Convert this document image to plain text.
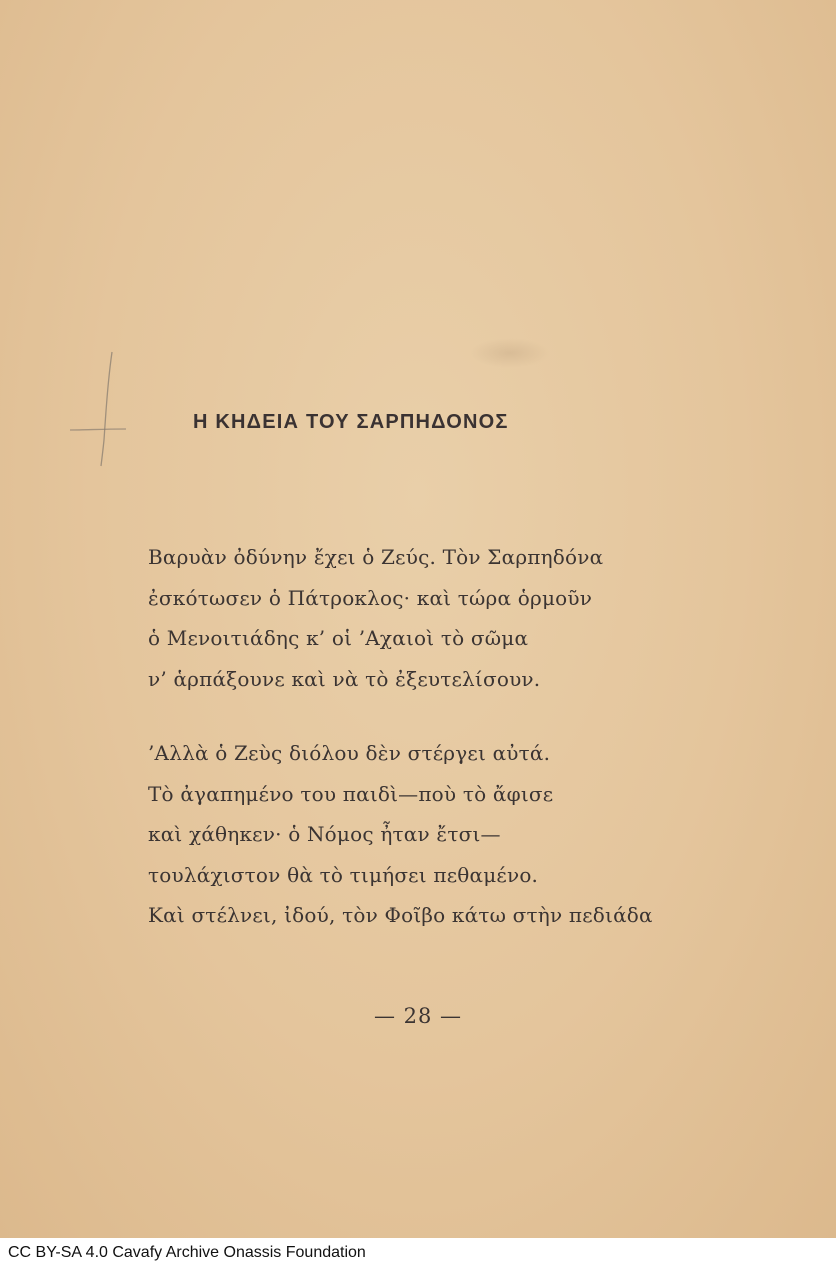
Η ΚΗΔΕΙΑ ΤΟΥ ΣΑΡΠΗΔΟΝΟΣ
Βαρυὰν ὀδύνην ἔχει ὁ Ζεύς. Τὸν Σαρπηδόνα
ἐσκότωσεν ὁ Πάτροκλος· καὶ τώρα ὁρμοῦν
ὁ Μενοιτιάδης κ’ οἱ ’Αχαιοὶ τὸ σῶμα
ν’ ἁρπάξουνε καὶ νὰ τὸ ἐξευτελίσουν.
’Αλλὰ ὁ Ζεὺς διόλου δὲν στέργει αὐτά.
Τὸ ἀγαπημένο του παιδὶ—ποὺ τὸ ἄφισε
καὶ χάθηκεν· ὁ Νόμος ἦταν ἔτσι—
τουλάχιστον θὰ τὸ τιμήσει πεθαμένο.
Καὶ στέλνει, ἰδού, τὸν Φοῖβο κάτω στὴν πεδιάδα
— 28 —
CC BY-SA 4.0 Cavafy Archive Onassis Foundation
